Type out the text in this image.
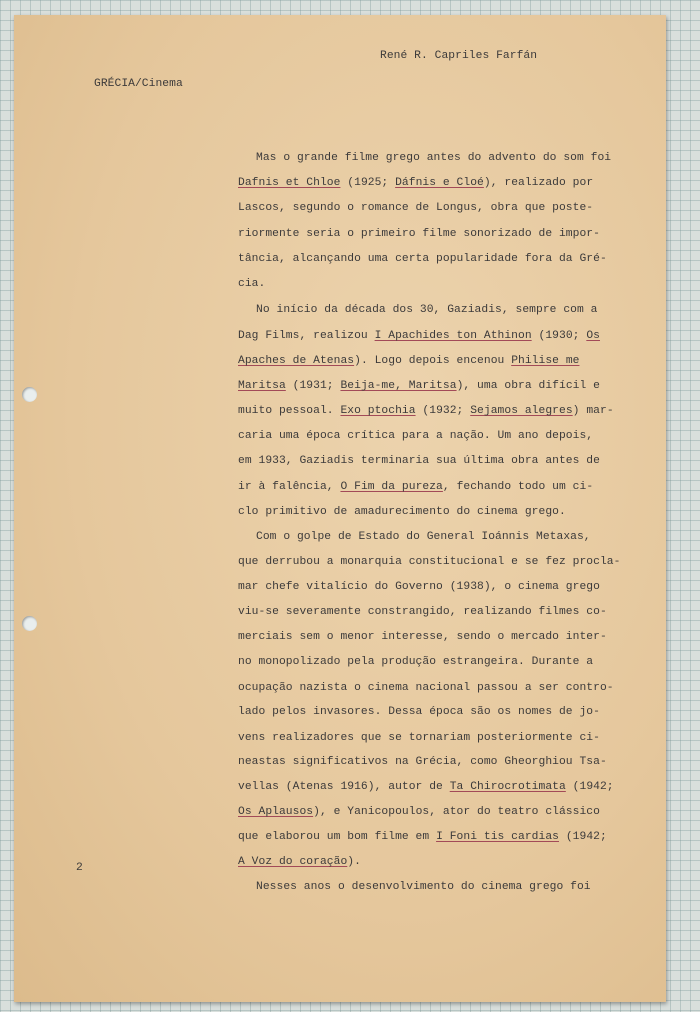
René R. Capriles Farfán
GRÉCIA/Cinema
2
Mas o grande filme grego antes do advento do som foi
Dafnis et Chloe (1925; Dáfnis e Cloé), realizado por
Lascos, segundo o romance de Longus, obra que poste-
riormente seria o primeiro filme sonorizado de impor-
tância, alcançando uma certa popularidade fora da Gré-
cia.
No início da década dos 30, Gaziadis, sempre com a
Dag Films, realizou I Apachides ton Athinon (1930; Os
Apaches de Atenas). Logo depois encenou Philise me
Maritsa (1931; Beija-me, Maritsa), uma obra difícil e
muito pessoal. Exo ptochia (1932; Sejamos alegres) mar-
caria uma época crítica para a nação. Um ano depois,
em 1933, Gaziadis terminaria sua última obra antes de
ir à falência, O Fim da pureza, fechando todo um ci-
clo primitivo de amadurecimento do cinema grego.
Com o golpe de Estado do General Ioánnis Metaxas,
que derrubou a monarquia constitucional e se fez procla-
mar chefe vitalício do Governo (1938), o cinema grego
viu-se severamente constrangido, realizando filmes co-
merciais sem o menor interesse, sendo o mercado inter-
no monopolizado pela produção estrangeira. Durante a
ocupação nazista o cinema nacional passou a ser contro-
lado pelos invasores. Dessa época são os nomes de jo-
vens realizadores que se tornariam posteriormente ci-
neastas significativos na Grécia, como Gheorghiou Tsa-
vellas (Atenas 1916), autor de Ta Chirocrotimata (1942;
Os Aplausos), e Yanicopoulos, ator do teatro clássico
que elaborou um bom filme em I Foni tis cardias (1942;
A Voz do coração).
Nesses anos o desenvolvimento do cinema grego foi
